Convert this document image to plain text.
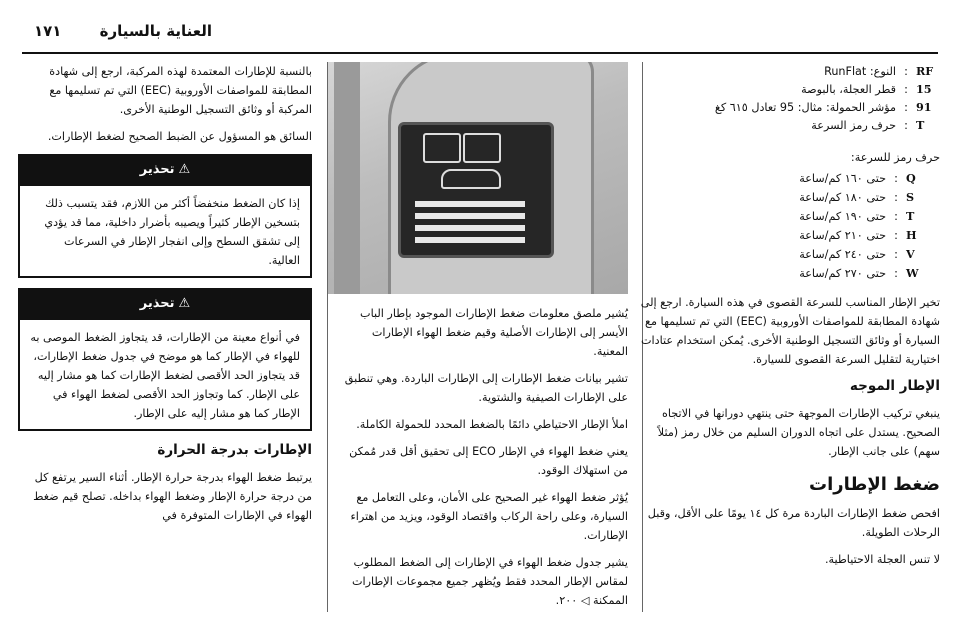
١٧١	العناية بالسيارة
RF
:
النوع: RunFlat
15
:
قطر العجلة، بالبوصة
91
:
مؤشر الحمولة: مثال: 95 تعادل ٦١٥ كغ
T
:
حرف رمز السرعة
حرف رمز للسرعة:
Q
:
حتى ١٦٠ كم/ساعة
S
:
حتى ١٨٠ كم/ساعة
T
:
حتى ١٩٠ كم/ساعة
H
:
حتى ٢١٠ كم/ساعة
V
:
حتى ٢٤٠ كم/ساعة
W
:
حتى ٢٧٠ كم/ساعة

تخير الإطار المناسب للسرعة القصوى في هذه السيارة. ارجع إلى شهادة المطابقة للمواصفات الأوروبية (EEC) التي تم تسليمها مع السيارة أو وثائق التسجيل الوطنية الأخرى. يُمكن استخدام عتادات اختيارية لتقليل السرعة القصوى للسيارة.

الإطار الموجه

ينبغي تركيب الإطارات الموجهة حتى ينتهي دورانها في الاتجاه الصحيح. يستدل على اتجاه الدوران السليم من خلال رمز (مثلاً سهم) على جانب الإطار.

ضغط الإطارات

افحص ضغط الإطارات الباردة مرة كل ١٤ يومًا على الأقل، وقبل الرحلات الطويلة.

لا تنس العجلة الاحتياطية.

يُشير ملصق معلومات ضغط الإطارات الموجود بإطار الباب الأيسر إلى الإطارات الأصلية وقيم ضغط الهواء الإطارات المعنية.

تشير بيانات ضغط الإطارات إلى الإطارات الباردة. وهي تنطبق على الإطارات الصيفية والشتوية.

املأ الإطار الاحتياطي دائمًا بالضغط المحدد للحمولة الكاملة.

يعني ضغط الهواء في الإطار ECO إلى تحقيق أقل قدر مُمكن من استهلاك الوقود.

يُؤثر ضغط الهواء غير الصحيح على الأمان، وعلى التعامل مع السيارة، وعلى راحة الركاب واقتصاد الوقود، ويزيد من اهتراء الإطارات.

يشير جدول ضغط الهواء في الإطارات إلى الضغط المطلوب لمقاس الإطار المحدد فقط ويُظهر جميع مجموعات الإطارات الممكنة ◁ ٢٠٠.

بالنسبة للإطارات المعتمدة لهذه المركبة، ارجع إلى شهادة المطابقة للمواصفات الأوروبية (EEC) التي تم تسليمها مع المركبة أو وثائق التسجيل الوطنية الأخرى.

السائق هو المسؤول عن الضبط الصحيح لضغط الإطارات.

⚠تحذير
إذا كان الضغط منخفضاً أكثر من اللازم، فقد يتسبب ذلك بتسخين الإطار كثيراً ويصيبه بأضرار داخلية، مما قد يؤدي إلى تشقق السطح وإلى انفجار الإطار في السرعات العالية.
⚠تحذير
في أنواع معينة من الإطارات، قد يتجاوز الضغط الموصى به للهواء في الإطار كما هو موضح في جدول ضغط الإطارات، قد يتجاوز الحد الأقصى لضغط الإطارات كما هو مشار إليه على الإطار. كما وتجاوز الحد الأقصى لضغط الهواء في الإطار كما هو مشار إليه على الإطار.
الإطارات بدرجة الحرارة

يرتبط ضغط الهواء بدرجة حرارة الإطار. أثناء السير يرتفع كل من درجة حرارة الإطار وضغط الهواء بداخله. تصلح قيم ضغط الهواء في الإطارات المتوفرة في
